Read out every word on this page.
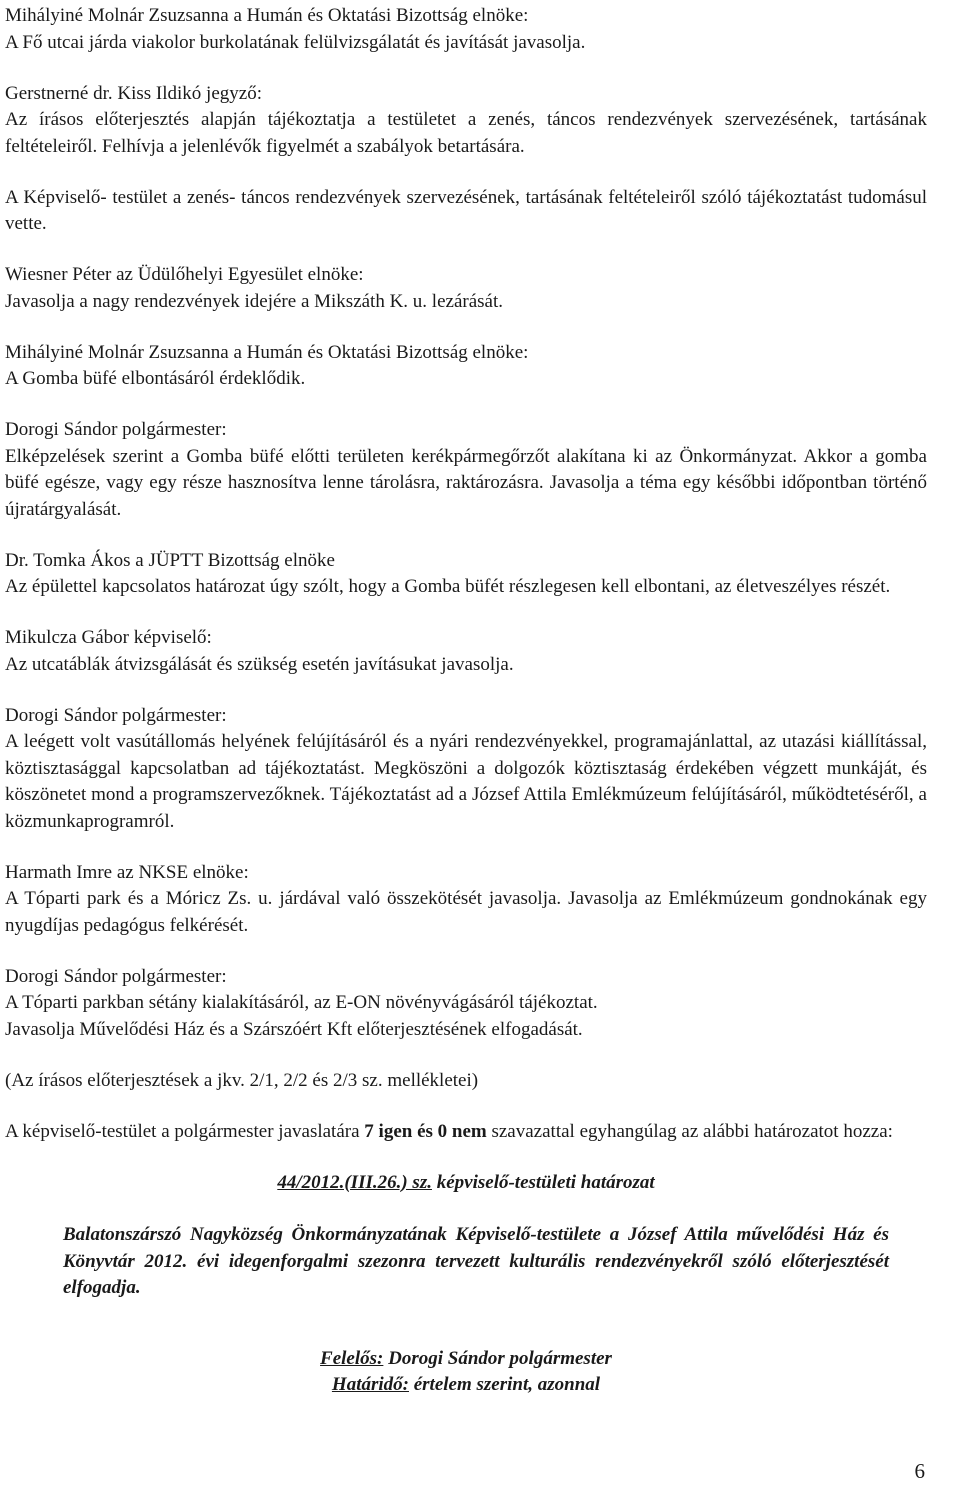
Mihályiné Molnár Zsuzsanna a Humán és Oktatási Bizottság elnöke:

A Fő utcai járda viakolor burkolatának felülvizsgálatát és javítását javasolja.

Gerstnerné dr. Kiss Ildikó jegyző:

Az írásos előterjesztés alapján tájékoztatja a testületet a zenés, táncos rendezvények szervezésének, tartásának feltételeiről. Felhívja a jelenlévők figyelmét a szabályok betartására.

A Képviselő- testület a zenés- táncos rendezvények szervezésének, tartásának feltételeiről szóló tájékoztatást tudomásul vette.

Wiesner Péter az Üdülőhelyi Egyesület elnöke:

Javasolja a nagy rendezvények idejére a Mikszáth K. u. lezárását.

Mihályiné Molnár Zsuzsanna a Humán és Oktatási Bizottság elnöke:

A Gomba büfé elbontásáról érdeklődik.

Dorogi Sándor polgármester:

Elképzelések szerint a Gomba büfé előtti területen kerékpármegőrzőt alakítana ki az Önkormányzat. Akkor a gomba büfé egésze, vagy egy része hasznosítva lenne tárolásra, raktározásra. Javasolja a téma egy későbbi időpontban történő újratárgyalását.

Dr. Tomka Ákos a JÜPTT Bizottság elnöke

Az épülettel kapcsolatos határozat úgy szólt, hogy a Gomba büfét részlegesen kell elbontani, az életveszélyes részét.

Mikulcza Gábor képviselő:

Az utcatáblák átvizsgálását és szükség esetén javításukat javasolja.

Dorogi Sándor polgármester:

A leégett volt vasútállomás helyének felújításáról és a nyári rendezvényekkel, programajánlattal, az utazási kiállítással, köztisztasággal kapcsolatban ad tájékoztatást. Megköszöni a dolgozók köztisztaság érdekében végzett munkáját, és köszönetet mond a programszervezőknek. Tájékoztatást ad a József Attila Emlékmúzeum felújításáról, működtetéséről, a közmunkaprogramról.

Harmath Imre az NKSE elnöke:

A Tóparti park és a Móricz Zs. u. járdával való összekötését javasolja. Javasolja az Emlékmúzeum gondnokának egy nyugdíjas pedagógus felkérését.

Dorogi Sándor polgármester:

A Tóparti parkban sétány kialakításáról, az E-ON növényvágásáról tájékoztat.

Javasolja Művelődési Ház és a Szárszóért Kft előterjesztésének elfogadását.

(Az írásos előterjesztések a jkv. 2/1, 2/2 és 2/3 sz. mellékletei)

A képviselő-testület a polgármester javaslatára 7 igen és 0 nem szavazattal egyhangúlag az alábbi határozatot hozza:

44/2012.(III.26.) sz. képviselő-testületi határozat

Balatonszárszó Nagyközség Önkormányzatának Képviselő-testülete a József Attila művelődési Ház és Könyvtár 2012. évi idegenforgalmi szezonra tervezett kulturális rendezvényekről szóló előterjesztését elfogadja.

Felelős: Dorogi Sándor polgármester

Határidő: értelem szerint, azonnal

6
